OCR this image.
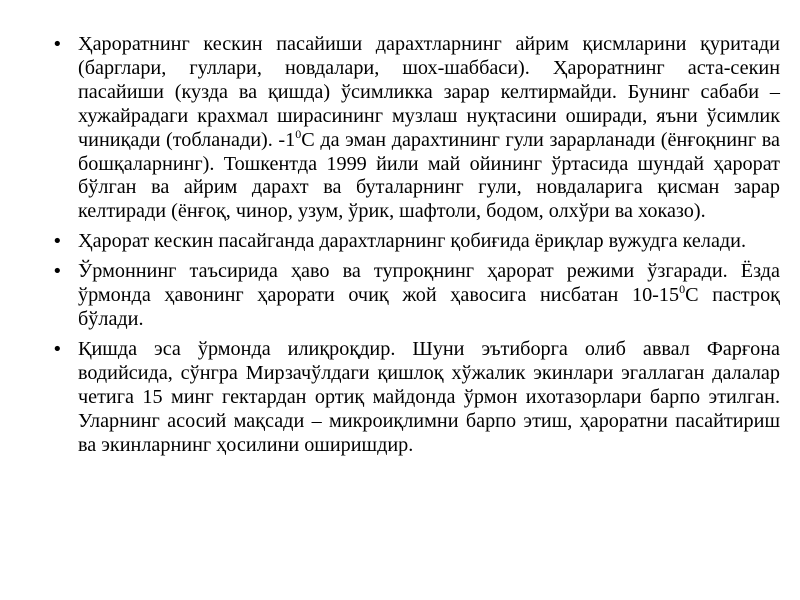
• Ҳароратнинг кескин пасайиши дарахтларнинг айрим қисмларини қуритади (барглари, гуллари, новдалари, шох-шаббаси). Ҳароратнинг аста-секин пасайиши (кузда ва қишда) ўсимликка зарар келтирмайди. Бунинг сабаби – хужайрадаги крахмал ширасининг музлаш нуқтасини оширади, яъни ўсимлик чиниқади (тобланади). $-1^0С$ да эман дарахтининг гули зарарланади (ёнғоқнинг ва бошқаларнинг). Тошкентда 1999 йили май ойининг ўртасида шундай ҳарорат бўлган ва айрим дарахт ва буталарнинг гули, новдаларига қисман зарар келтиради (ёнғоқ, чинор, узум, ўрик, шафтоли, бодом, олхўри ва хоказо).
• Ҳарорат кескин пасайганда дарахтларнинг қобиғида ёриқлар вужудга келади.
• Ўрмоннинг таъсирида ҳаво ва тупроқнинг ҳарорат режими ўзгаради. Ёзда ўрмонда ҳавонинг ҳарорати очиқ жой ҳавосига нисбатан $10-15^0С$ пастроқ бўлади.
• Қишда эса ўрмонда илиқроқдир. Шуни эътиборга олиб аввал Фарғона водийсида, сўнгра Мирзачўлдаги қишлоқ хўжалик экинлари эгаллаган далалар четига 15 минг гектардан ортиқ майдонда ўрмон ихотазорлари барпо этилган. Уларнинг асосий мақсади – микроиқлимни барпо этиш, ҳароратни пасайтириш ва экинларнинг ҳосилини оширишдир.
